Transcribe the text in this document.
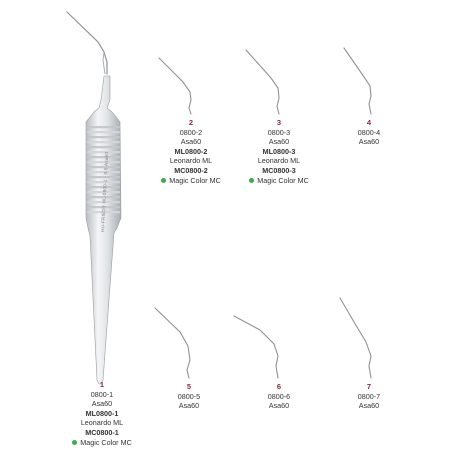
HU-FRIEDY HL-0800-1 - 0.5 Asa60
1
0800-1
Asa60
ML0800-1
Leonardo ML
MC0800-1
Magic Color MC
2
0800-2
Asa60
ML0800-2
Leonardo ML
MC0800-2
Magic Color MC
3
0800-3
Asa60
ML0800-3
Leonardo ML
MC0800-3
Magic Color MC
4
0800-4
Asa60
5
0800-5
Asa60
6
0800-6
Asa60
7
0800-7
Asa60
